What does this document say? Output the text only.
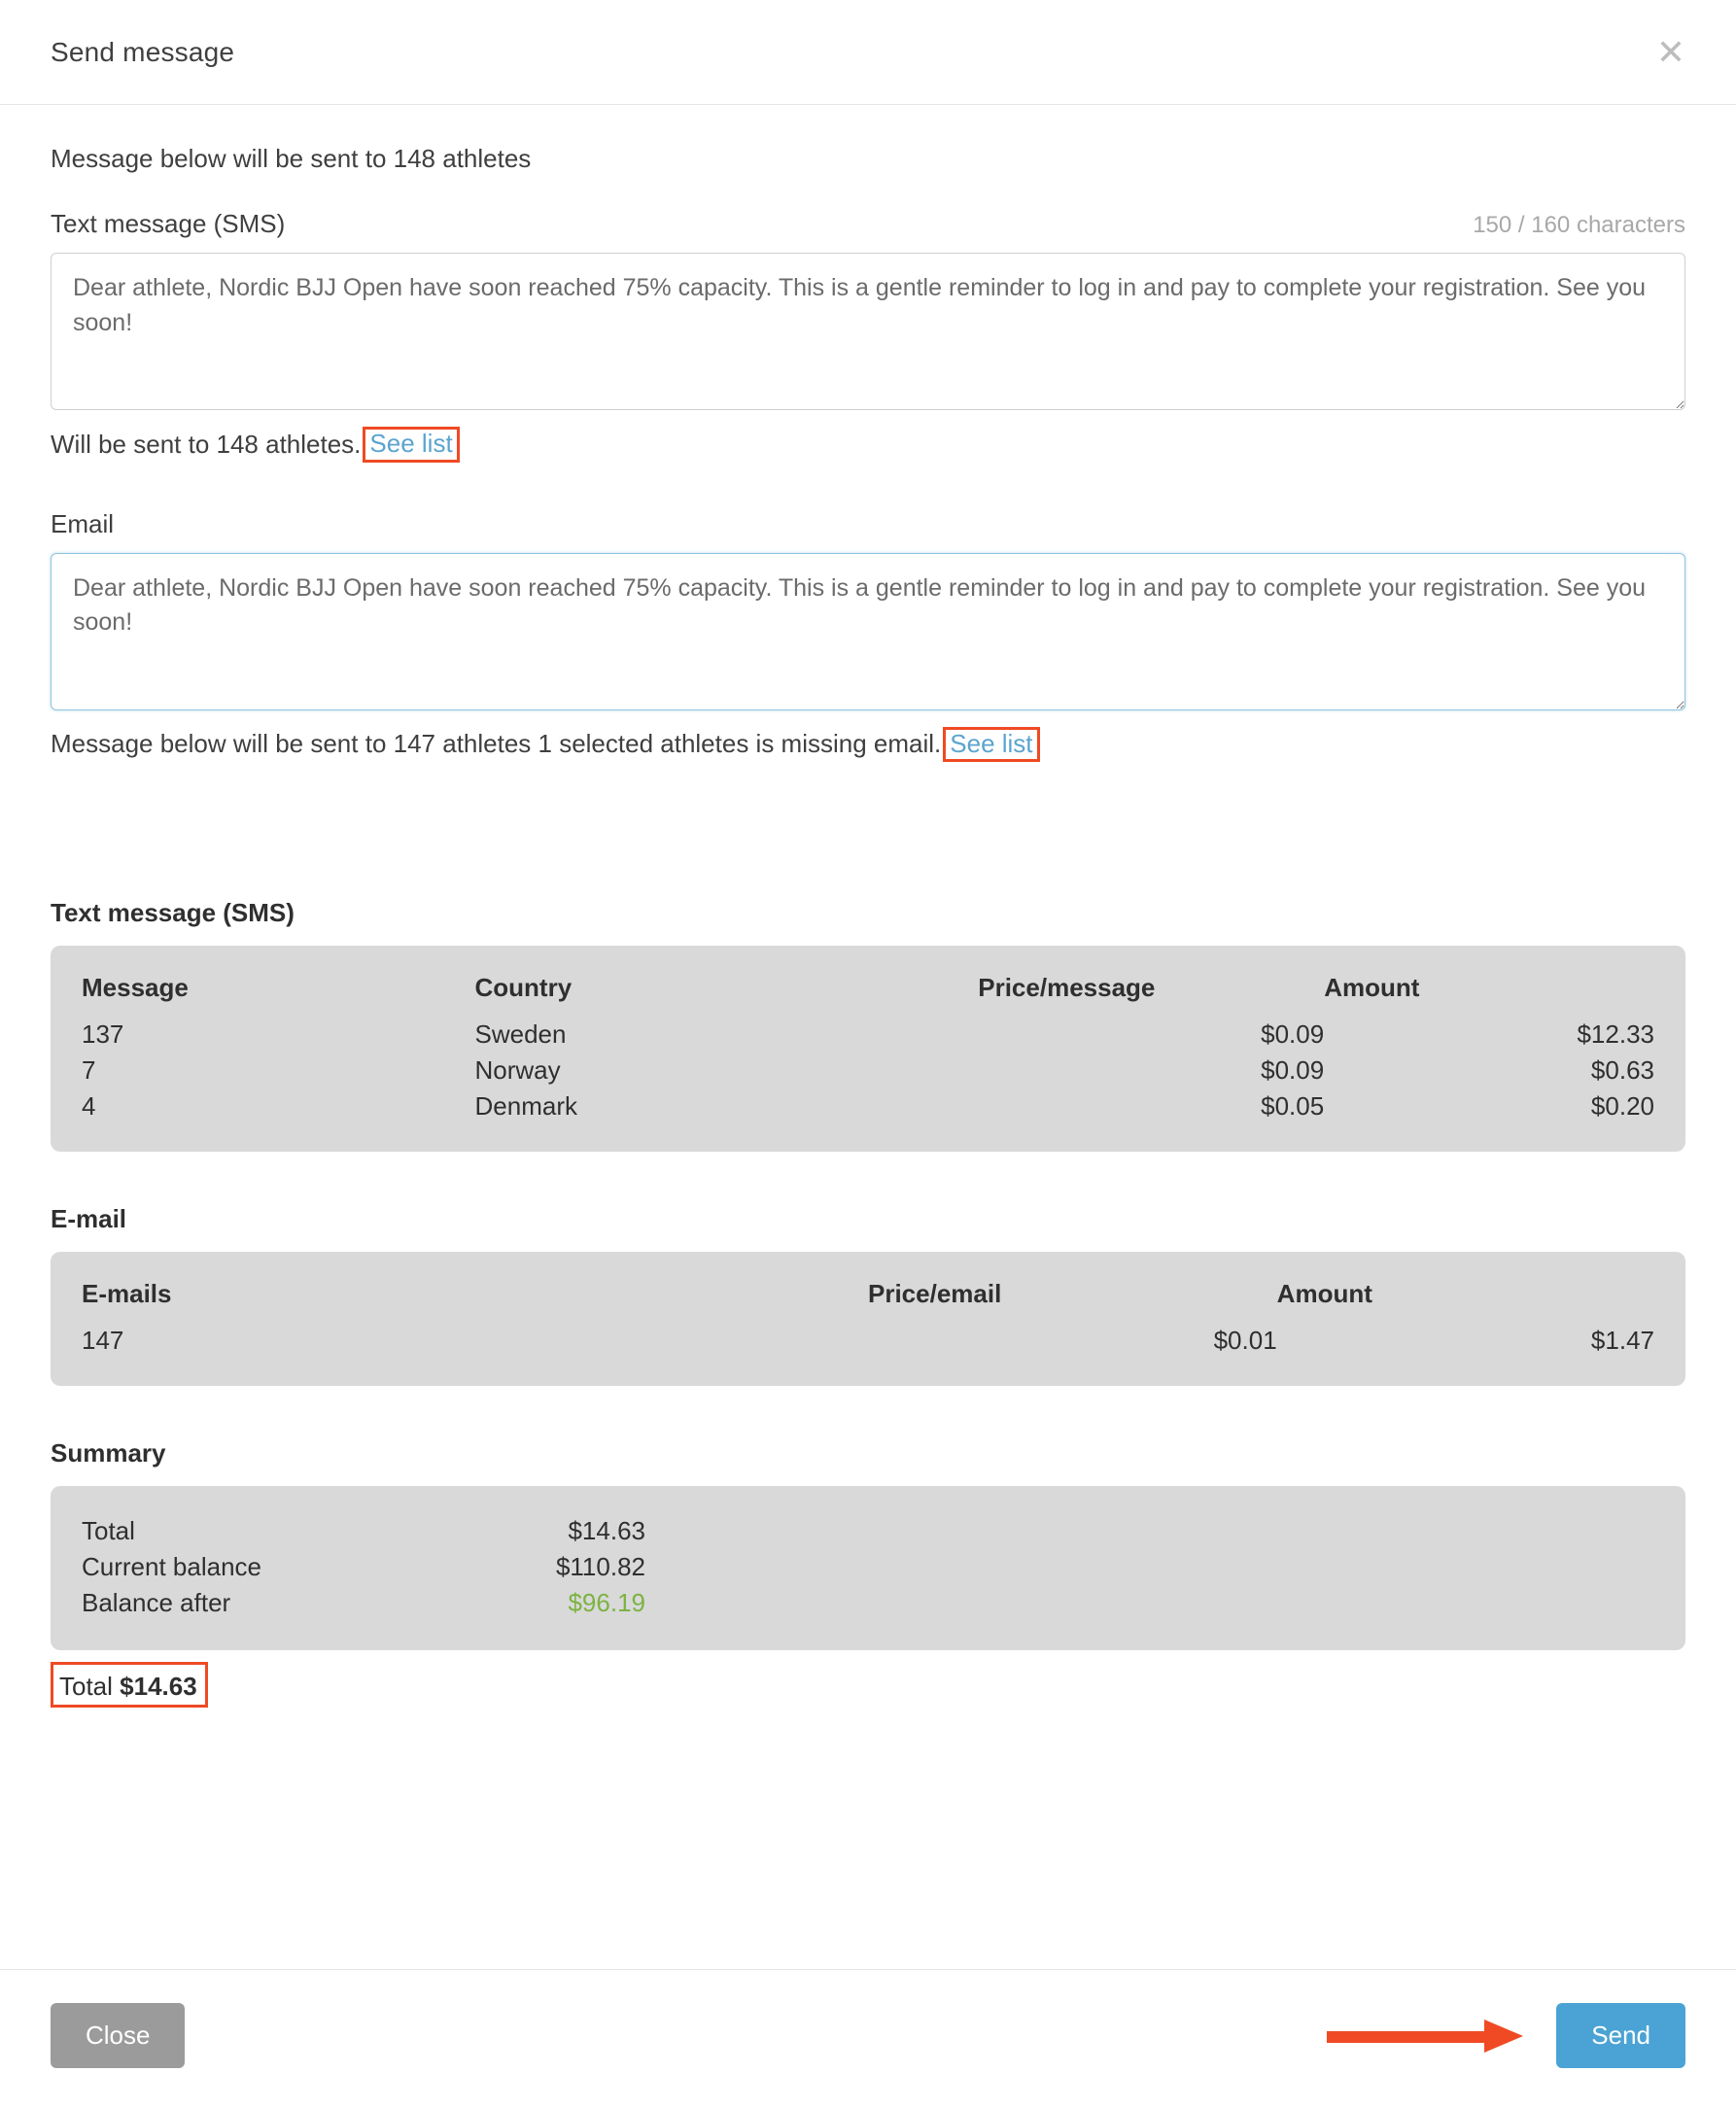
Send message	✕
Message below will be sent to 148 athletes
Text message (SMS)	150 / 160 characters
Dear athlete, Nordic BJJ Open have soon reached 75% capacity. This is a gentle reminder to log in and pay to complete your registration. See you soon!
Will be sent to 148 athletes. See list
Email
Dear athlete, Nordic BJJ Open have soon reached 75% capacity. This is a gentle reminder to log in and pay to complete your registration. See you soon!
Message below will be sent to 147 athletes 1 selected athletes is missing email. See list
Text message (SMS)
Message	Country	Price/message	Amount
137	Sweden	$0.09	$12.33
7	Norway	$0.09	$0.63
4	Denmark	$0.05	$0.20
E-mail
E-mails	Price/email	Amount
147	$0.01	$1.47
Summary
Total	$14.63
Current balance	$110.82
Balance after	$96.19
Total $14.63
Close	Send
